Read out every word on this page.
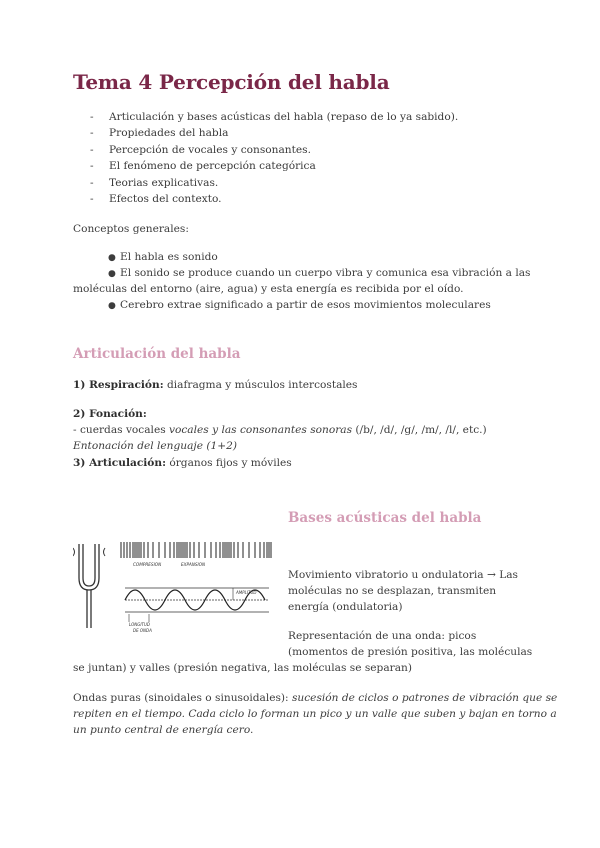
Tema 4 Percepción del habla
- Articulación y bases acústicas del habla (repaso de lo ya sabido).
- Propiedades del habla
- Percepción de vocales y consonantes.
- El fenómeno de percepción categórica
- Teorias explicativas.
- Efectos del contexto.

Conceptos generales:

● El habla es sonido

● El sonido se produce cuando un cuerpo vibra y comunica esa vibración a las

moléculas del entorno (aire, agua) y esta energía es recibida por el oído.

● Cerebro extrae significado a partir de esos movimientos moleculares

Articulación del habla

1) Respiración: diafragma y músculos intercostales

2) Fonación:

- cuerdas vocales vocales y las consonantes sonoras (/b/, /d/, /g/, /m/, /l/, etc.)

Entonación del lenguaje (1+2)

3) Articulación: órganos fijos y móviles

Bases acústicas del habla
COMPRESION	EXPANSION
AMPLITUD
LONGITUD
DE ONDA

Movimiento vibratorio u ondulatoria → Las

moléculas no se desplazan, transmiten

energía (ondulatoria)

Representación de una onda: picos

(momentos de presión positiva, las moléculas

se juntan) y valles (presión negativa, las moléculas se separan)

Ondas puras (sinoidales o sinusoidales): sucesión de ciclos o patrones de vibración que se

repiten en el tiempo. Cada ciclo lo forman un pico y un valle que suben y bajan en torno a

un punto central de energía cero.
